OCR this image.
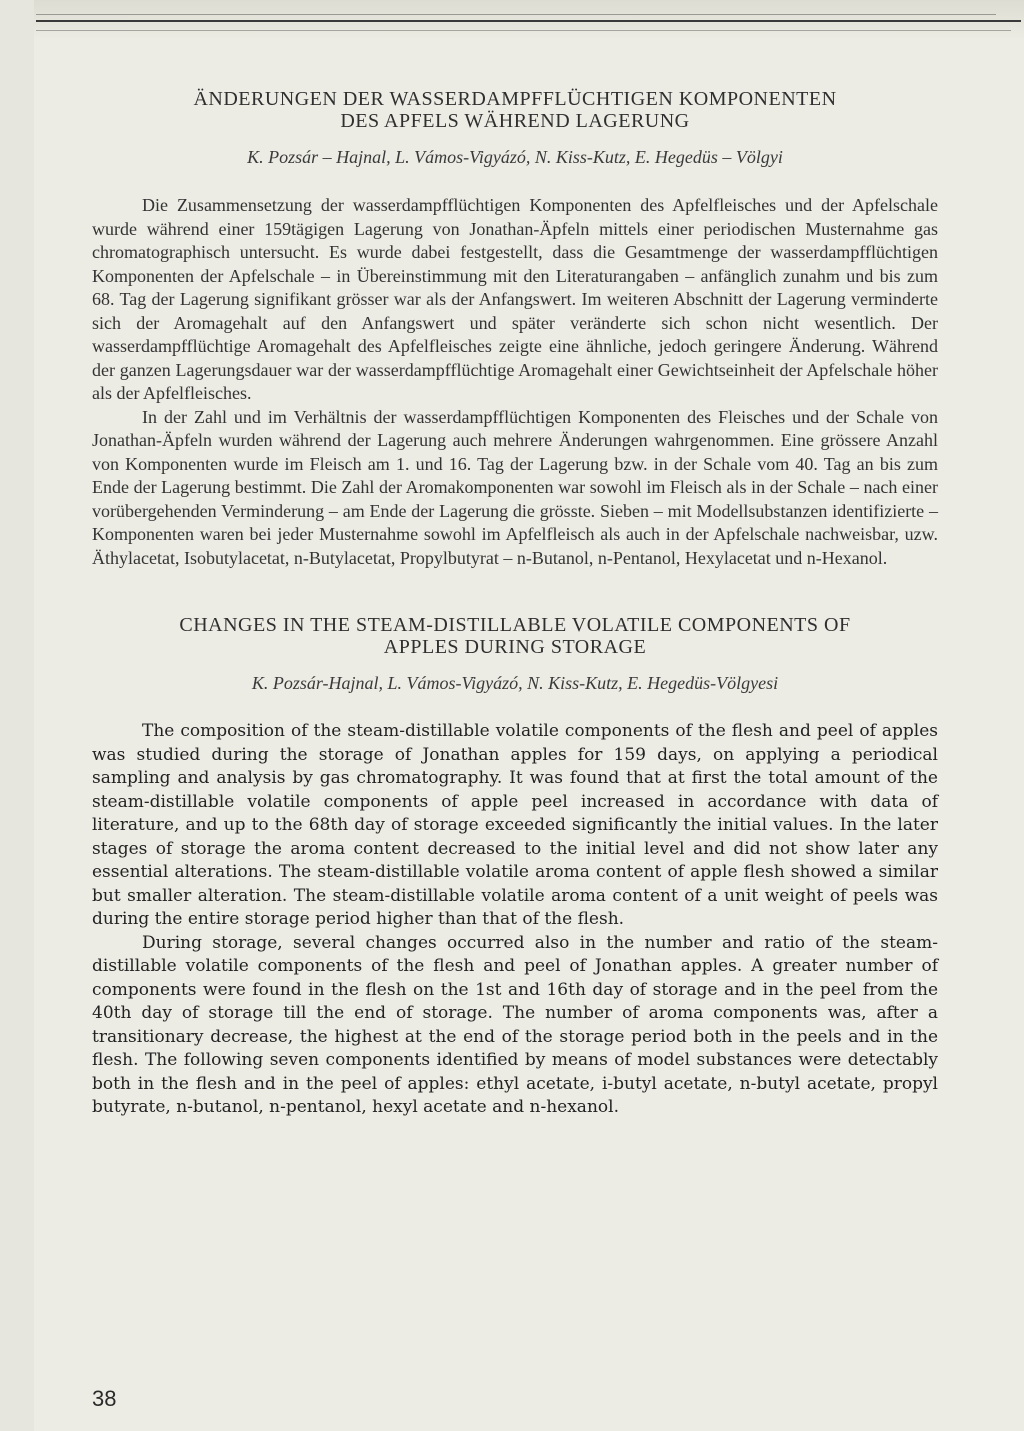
ÄNDERUNGEN DER WASSERDAMPFFLÜCHTIGEN KOMPONENTEN
DES APFELS WÄHREND LAGERUNG
K. Pozsár – Hajnal, L. Vámos-Vigyázó, N. Kiss-Kutz, E. Hegedüs – Völgyi

Die Zusammensetzung der wasserdampfflüchtigen Komponenten des Apfelfleisches und der Apfelschale wurde während einer 159tägigen Lagerung von Jonathan-Äpfeln mittels einer periodischen Musternahme gas chromatographisch untersucht. Es wurde dabei festgestellt, dass die Gesamtmenge der wasserdampfflüchtigen Komponenten der Apfelschale – in Übereinstimmung mit den Literaturangaben – anfänglich zunahm und bis zum 68. Tag der Lagerung signifikant grösser war als der Anfangswert. Im weiteren Abschnitt der Lagerung verminderte sich der Aromagehalt auf den Anfangswert und später veränderte sich schon nicht wesentlich. Der wasserdampfflüchtige Aromagehalt des Apfelfleisches zeigte eine ähnliche, jedoch geringere Änderung. Während der ganzen Lagerungsdauer war der wasserdampfflüchtige Aromagehalt einer Gewichtseinheit der Apfelschale höher als der Apfelfleisches.

In der Zahl und im Verhältnis der wasserdampfflüchtigen Komponenten des Fleisches und der Schale von Jonathan-Äpfeln wurden während der Lagerung auch mehrere Änderungen wahrgenommen. Eine grössere Anzahl von Komponenten wurde im Fleisch am 1. und 16. Tag der Lagerung bzw. in der Schale vom 40. Tag an bis zum Ende der Lagerung bestimmt. Die Zahl der Aromakomponenten war sowohl im Fleisch als in der Schale – nach einer vorübergehenden Verminderung – am Ende der Lagerung die grösste. Sieben – mit Modellsubstanzen identifizierte – Komponenten waren bei jeder Musternahme sowohl im Apfelfleisch als auch in der Apfelschale nachweisbar, uzw. Äthylacetat, Isobutylacetat, n-Butylacetat, Propylbutyrat – n-Butanol, n-Pentanol, Hexylacetat und n-Hexanol.

CHANGES IN THE STEAM-DISTILLABLE VOLATILE COMPONENTS OF
APPLES DURING STORAGE
K. Pozsár-Hajnal, L. Vámos-Vigyázó, N. Kiss-Kutz, E. Hegedüs-Völgyesi

The composition of the steam-distillable volatile components of the flesh and peel of apples was studied during the storage of Jonathan apples for 159 days, on applying a periodical sampling and analysis by gas chromatography. It was found that at first the total amount of the steam-distillable volatile components of apple peel increased in accordance with data of literature, and up to the 68th day of storage exceeded significantly the initial values. In the later stages of storage the aroma content decreased to the initial level and did not show later any essential alterations. The steam-distillable volatile aroma content of apple flesh showed a similar but smaller alteration. The steam-distillable volatile aroma content of a unit weight of peels was during the entire storage period higher than that of the flesh.

During storage, several changes occurred also in the number and ratio of the steam-distillable volatile components of the flesh and peel of Jonathan apples. A greater number of components were found in the flesh on the 1st and 16th day of storage and in the peel from the 40th day of storage till the end of storage. The number of aroma components was, after a transitionary decrease, the highest at the end of the storage period both in the peels and in the flesh. The following seven components identified by means of model substances were detectably both in the flesh and in the peel of apples: ethyl acetate, i-butyl acetate, n-butyl acetate, propyl butyrate, n-butanol, n-pentanol, hexyl acetate and n-hexanol.

38
